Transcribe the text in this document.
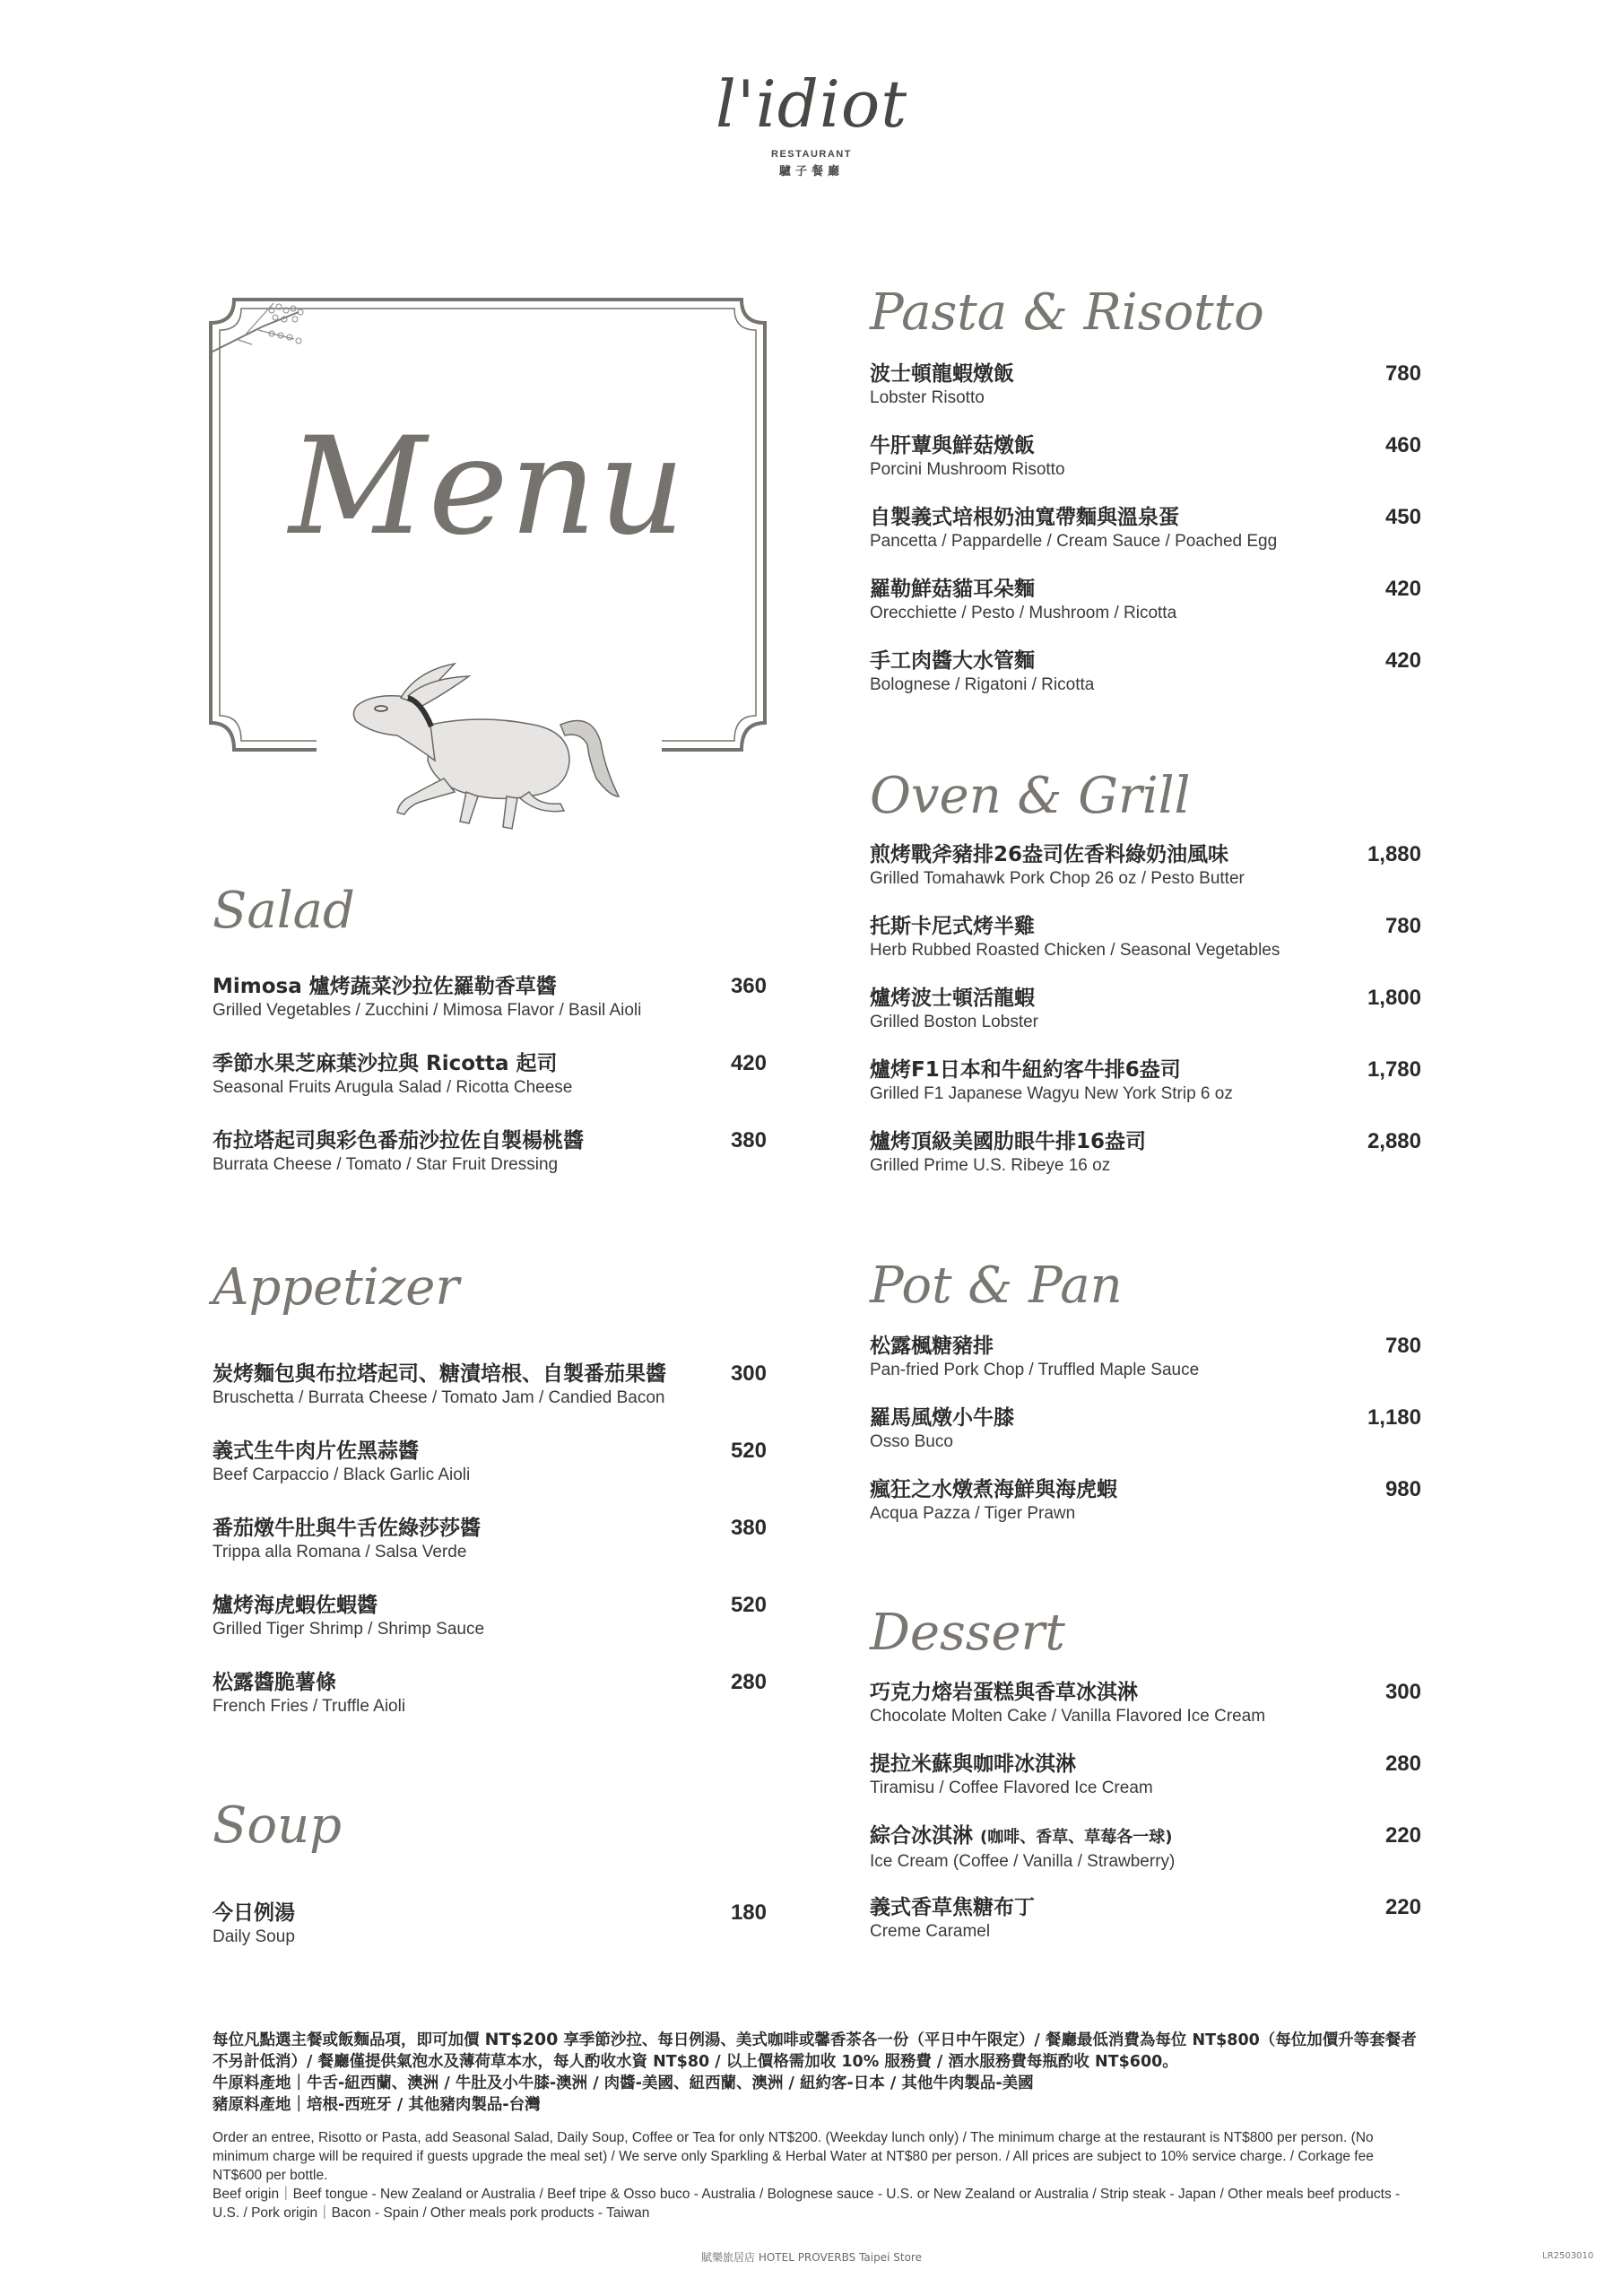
l'idiot
RESTAURANT
驢子餐廳
Menu
Salad
Mimosa 爐烤蔬菜沙拉佐羅勒香草醬
Grilled Vegetables / Zucchini / Mimosa Flavor / Basil Aioli
360
季節水果芝麻葉沙拉與 Ricotta 起司
Seasonal Fruits Arugula Salad / Ricotta Cheese
420
布拉塔起司與彩色番茄沙拉佐自製楊桃醬
Burrata Cheese / Tomato / Star Fruit Dressing
380
Appetizer
炭烤麵包與布拉塔起司、糖漬培根、自製番茄果醬
Bruschetta / Burrata Cheese / Tomato Jam / Candied Bacon
300
義式生牛肉片佐黑蒜醬
Beef Carpaccio / Black Garlic Aioli
520
番茄燉牛肚與牛舌佐綠莎莎醬
Trippa alla Romana / Salsa Verde
380
爐烤海虎蝦佐蝦醬
Grilled Tiger Shrimp / Shrimp Sauce
520
松露醬脆薯條
French Fries / Truffle Aioli
280
Soup
今日例湯
Daily Soup
180
Pasta & Risotto
波士頓龍蝦燉飯
Lobster Risotto
780
牛肝蕈與鮮菇燉飯
Porcini Mushroom Risotto
460
自製義式培根奶油寬帶麵與溫泉蛋
Pancetta / Pappardelle / Cream Sauce / Poached Egg
450
羅勒鮮菇貓耳朵麵
Orecchiette / Pesto / Mushroom / Ricotta
420
手工肉醬大水管麵
Bolognese / Rigatoni / Ricotta
420
Oven & Grill
煎烤戰斧豬排26盎司佐香料綠奶油風味
Grilled Tomahawk Pork Chop 26 oz / Pesto Butter
1,880
托斯卡尼式烤半雞
Herb Rubbed Roasted Chicken / Seasonal Vegetables
780
爐烤波士頓活龍蝦
Grilled Boston Lobster
1,800
爐烤F1日本和牛紐約客牛排6盎司
Grilled F1 Japanese Wagyu New York Strip 6 oz
1,780
爐烤頂級美國肋眼牛排16盎司
Grilled Prime U.S. Ribeye 16 oz
2,880
Pot & Pan
松露楓糖豬排
Pan-fried Pork Chop / Truffled Maple Sauce
780
羅馬風燉小牛膝
Osso Buco
1,180
瘋狂之水燉煮海鮮與海虎蝦
Acqua Pazza / Tiger Prawn
980
Dessert
巧克力熔岩蛋糕與香草冰淇淋
Chocolate Molten Cake / Vanilla Flavored Ice Cream
300
提拉米蘇與咖啡冰淇淋
Tiramisu / Coffee Flavored Ice Cream
280
綜合冰淇淋 (咖啡、香草、草莓各一球)
Ice Cream (Coffee / Vanilla / Strawberry)
220
義式香草焦糖布丁
Creme Caramel
220
每位凡點選主餐或飯麵品項，即可加價 NT$200 享季節沙拉、每日例湯、美式咖啡或馨香茶各一份（平日中午限定）/ 餐廳最低消費為每位 NT$800（每位加價升等套餐者不另計低消）/ 餐廳僅提供氣泡水及薄荷草本水，每人酌收水資 NT$80 / 以上價格需加收 10% 服務費 / 酒水服務費每瓶酌收 NT$600。
牛原料產地｜牛舌-紐西蘭、澳洲 / 牛肚及小牛膝-澳洲 / 肉醬-美國、紐西蘭、澳洲 / 紐約客-日本 / 其他牛肉製品-美國
豬原料產地｜培根-西班牙 / 其他豬肉製品-台灣
Order an entree, Risotto or Pasta, add Seasonal Salad, Daily Soup, Coffee or Tea for only NT$200. (Weekday lunch only) / The minimum charge at the restaurant is NT$800 per person. (No minimum charge will be required if guests upgrade the meal set) / We serve only Sparkling & Herbal Water at NT$80 per person. / All prices are subject to 10% service charge. / Corkage fee NT$600 per bottle.
Beef origin｜Beef tongue - New Zealand or Australia / Beef tripe & Osso buco - Australia / Bolognese sauce - U.S. or New Zealand or Australia / Strip steak - Japan / Other meals beef products - U.S. / Pork origin｜Bacon - Spain / Other meals pork products - Taiwan
賦樂旅居店 HOTEL PROVERBS Taipei Store	LR2503010
